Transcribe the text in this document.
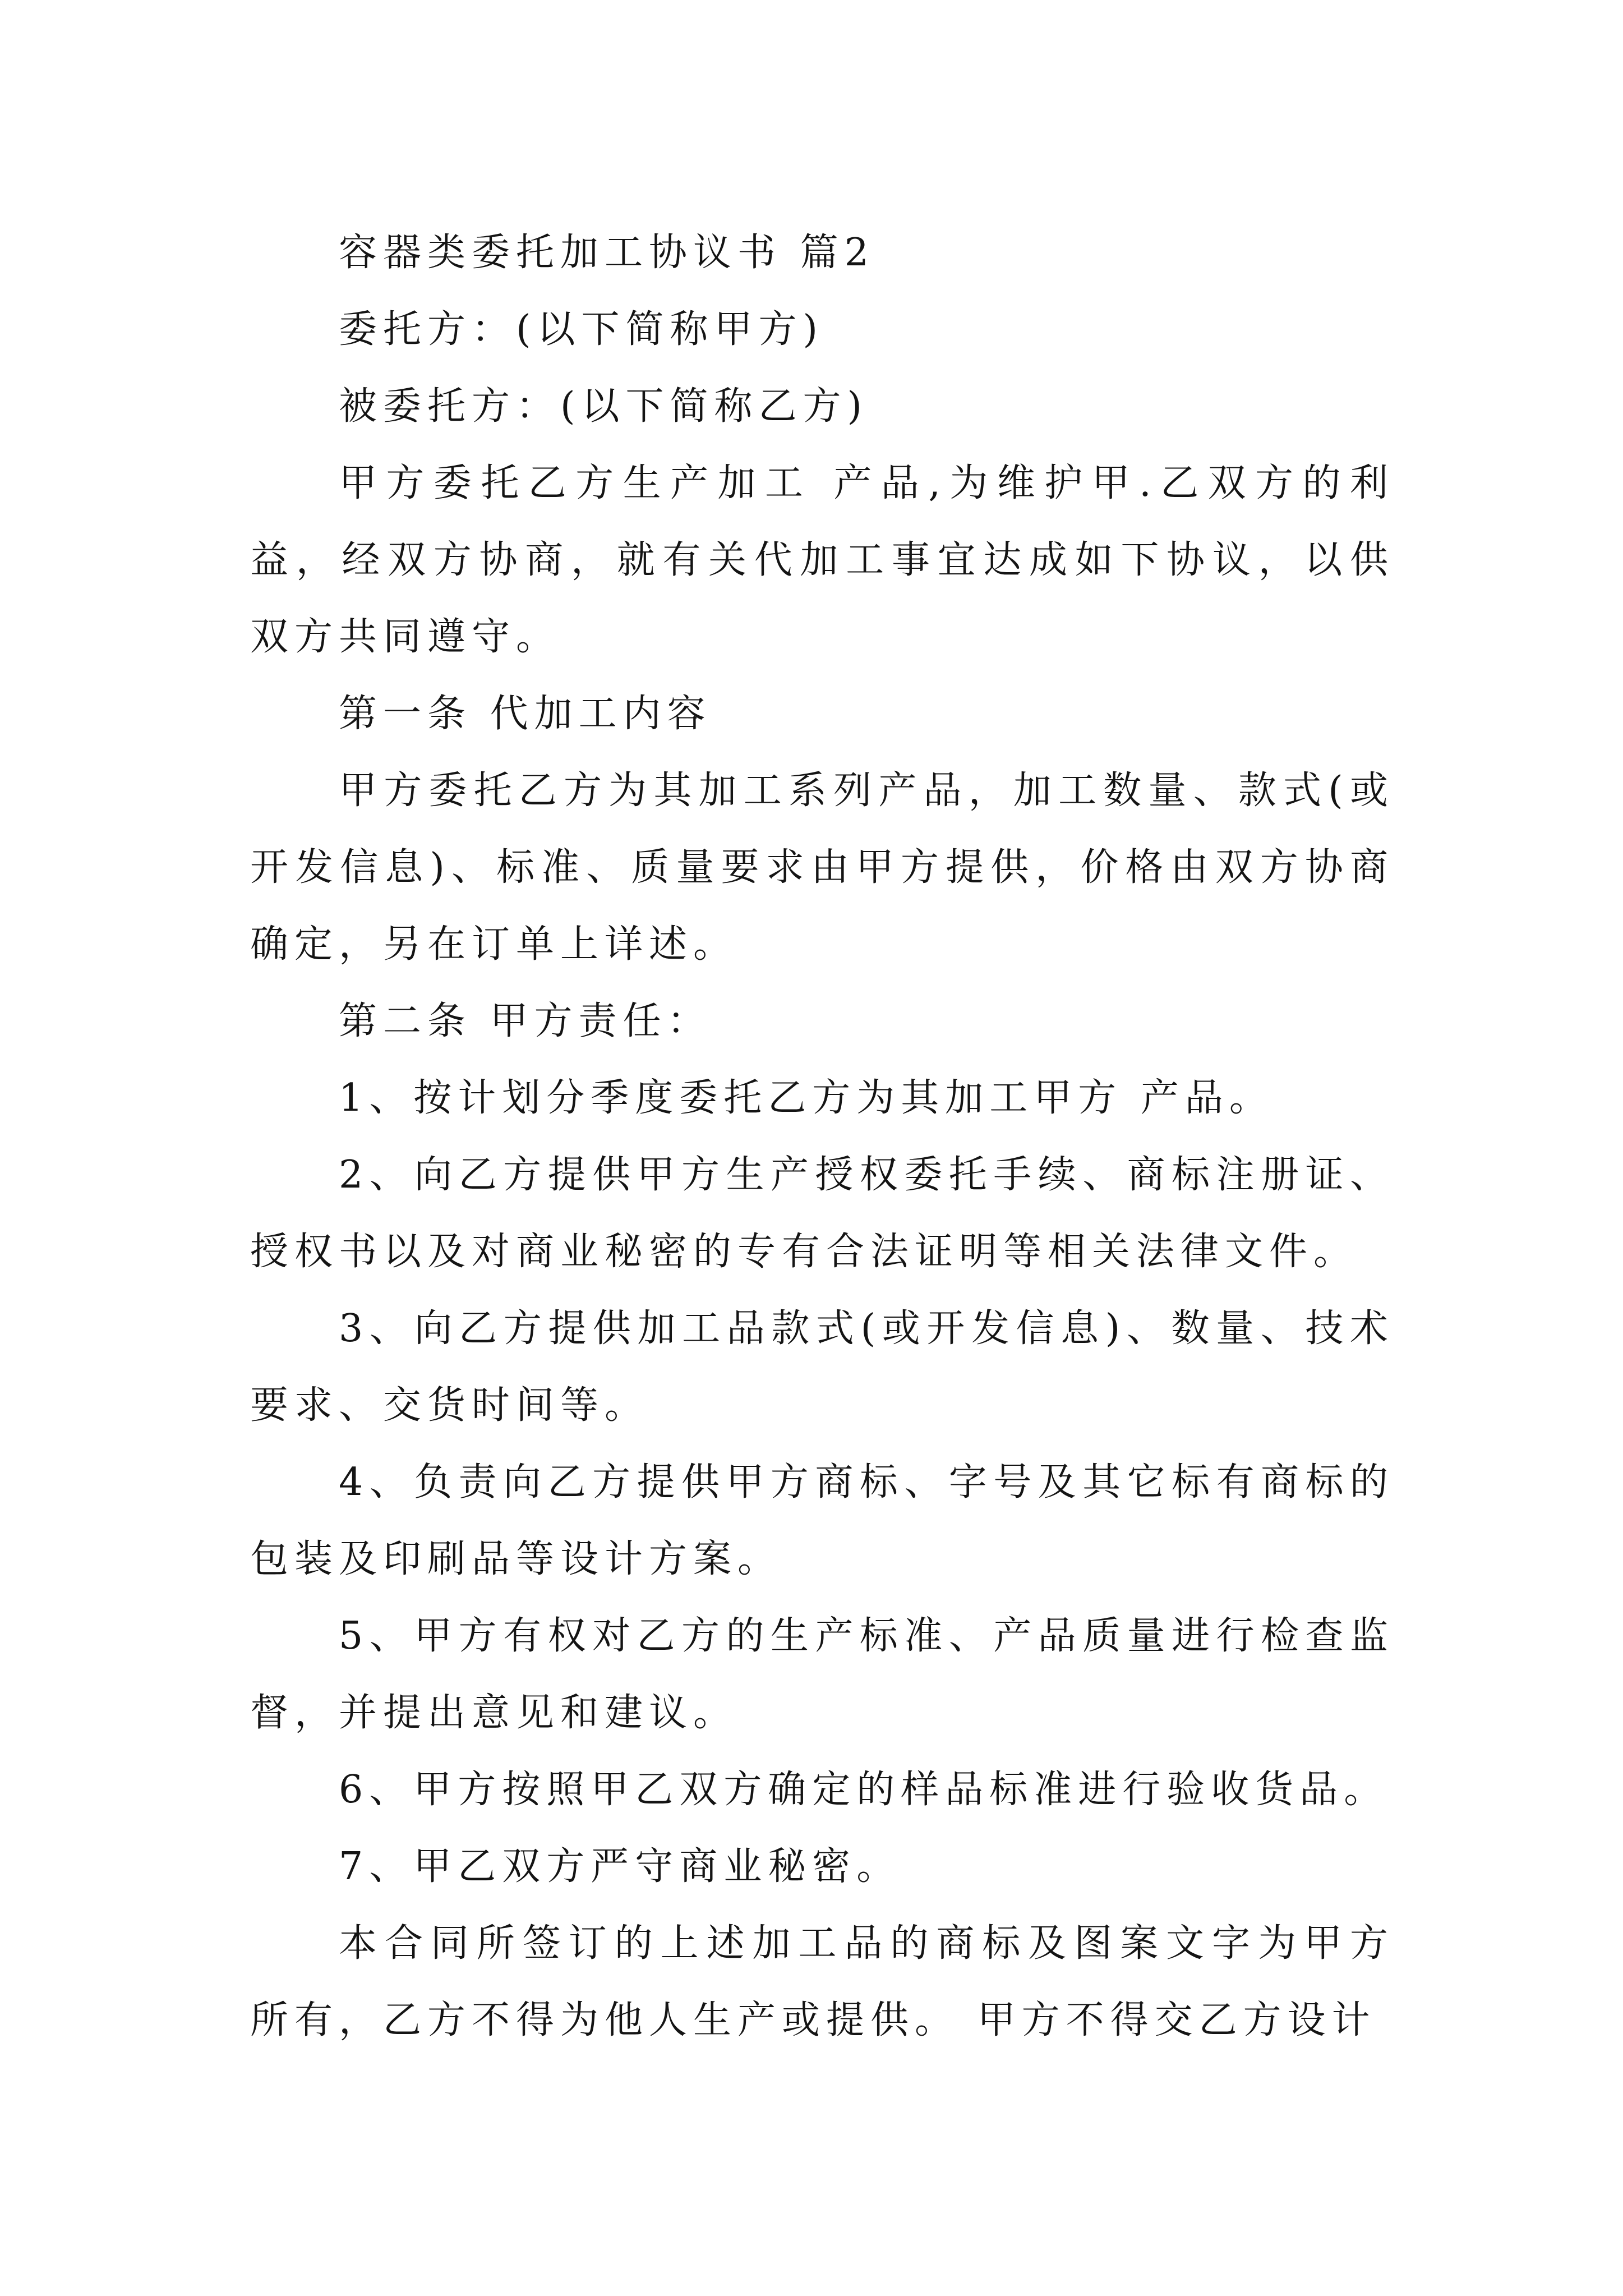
容器类委托加工协议书 篇2

委托方：(以下简称甲方)

被委托方：(以下简称乙方)

甲方委托乙方生产加工 产品,为维护甲.乙双方的利益，经双方协商，就有关代加工事宜达成如下协议，以供双方共同遵守。

第一条 代加工内容

甲方委托乙方为其加工系列产品，加工数量、款式(或开发信息)、标准、质量要求由甲方提供，价格由双方协商确定，另在订单上详述。

第二条 甲方责任：

1、按计划分季度委托乙方为其加工甲方 产品。

2、向乙方提供甲方生产授权委托手续、商标注册证、授权书以及对商业秘密的专有合法证明等相关法律文件。

3、向乙方提供加工品款式(或开发信息)、数量、技术要求、交货时间等。

4、负责向乙方提供甲方商标、字号及其它标有商标的包装及印刷品等设计方案。

5、甲方有权对乙方的生产标准、产品质量进行检查监督，并提出意见和建议。

6、甲方按照甲乙双方确定的样品标准进行验收货品。

7、甲乙双方严守商业秘密。

本合同所签订的上述加工品的商标及图案文字为甲方所有，乙方不得为他人生产或提供。 甲方不得交乙方设计
